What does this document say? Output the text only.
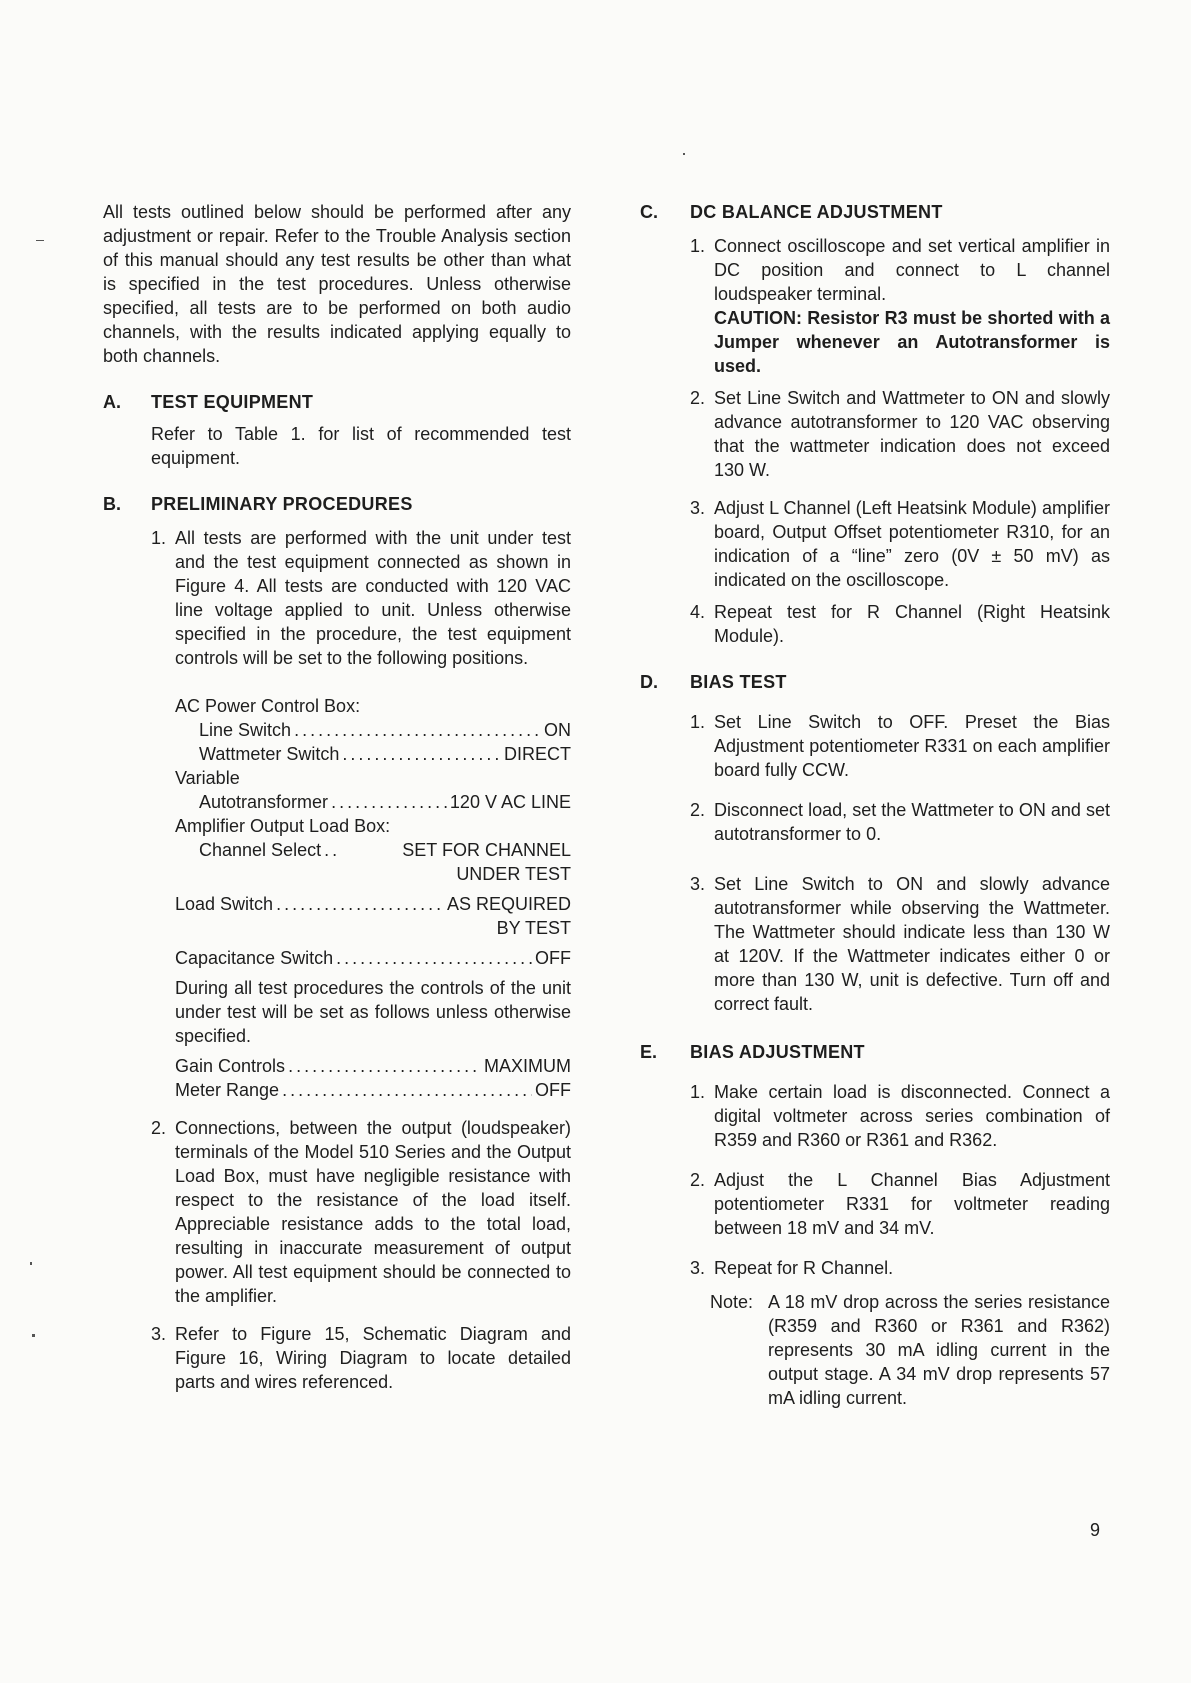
All tests outlined below should be performed after any adjustment or repair. Refer to the Trouble Analysis section of this manual should any test results be other than what is specified in the test procedures. Unless otherwise specified, all tests are to be performed on both audio channels, with the results indicated applying equally to both channels.

A. TEST EQUIPMENT

Refer to Table 1. for list of recommended test equipment.

B. PRELIMINARY PROCEDURES
1. All tests are performed with the unit under test and the test equipment connected as shown in Figure 4. All tests are conducted with 120 VAC line voltage applied to unit. Unless otherwise specified in the procedure, the test equipment controls will be set to the following positions.

AC Power Control Box:
Line Switch .....	ON
Wattmeter Switch .....	DIRECT
Variable
Autotransformer .....	120 V AC LINE
Amplifier Output Load Box:
Channel Select .....	SET FOR CHANNEL
UNDER TEST
Load Switch .....	AS REQUIRED
BY TEST
Capacitance Switch .....	OFF

During all test procedures the controls of the unit under test will be set as follows unless otherwise specified.

Gain Controls .....	MAXIMUM
Meter Range .....	OFF
2. Connections, between the output (loudspeaker) terminals of the Model 510 Series and the Output Load Box, must have negligible resistance with respect to the resistance of the load itself. Appreciable resistance adds to the total load, resulting in inaccurate measurement of output power. All test equipment should be connected to the amplifier.

3. Refer to Figure 15, Schematic Diagram and Figure 16, Wiring Diagram to locate detailed parts and wires referenced.

C. DC BALANCE ADJUSTMENT
1. Connect oscilloscope and set vertical amplifier in DC position and connect to L channel loudspeaker terminal.

CAUTION: Resistor R3 must be shorted with a Jumper whenever an Autotransformer is used.

2. Set Line Switch and Wattmeter to ON and slowly advance autotransformer to 120 VAC observing that the wattmeter indication does not exceed 130 W.

3. Adjust L Channel (Left Heatsink Module) amplifier board, Output Offset potentiometer R310, for an indication of a “line” zero (0V ± 50 mV) as indicated on the oscilloscope.

4. Repeat test for R Channel (Right Heatsink Module).

D. BIAS TEST
1. Set Line Switch to OFF. Preset the Bias Adjustment potentiometer R331 on each amplifier board fully CCW.

2. Disconnect load, set the Wattmeter to ON and set autotransformer to 0.

3. Set Line Switch to ON and slowly advance autotransformer while observing the Wattmeter. The Wattmeter should indicate less than 130 W at 120V. If the Wattmeter indicates either 0 or more than 130 W, unit is defective. Turn off and correct fault.

E. BIAS ADJUSTMENT
1. Make certain load is disconnected. Connect a digital voltmeter across series combination of R359 and R360 or R361 and R362.

2. Adjust the L Channel Bias Adjustment potentiometer R331 for voltmeter reading between 18 mV and 34 mV.

3. Repeat for R Channel.

Note: A 18 mV drop across the series resistance (R359 and R360 or R361 and R362) represents 30 mA idling current in the output stage. A 34 mV drop represents 57 mA idling current.

9
